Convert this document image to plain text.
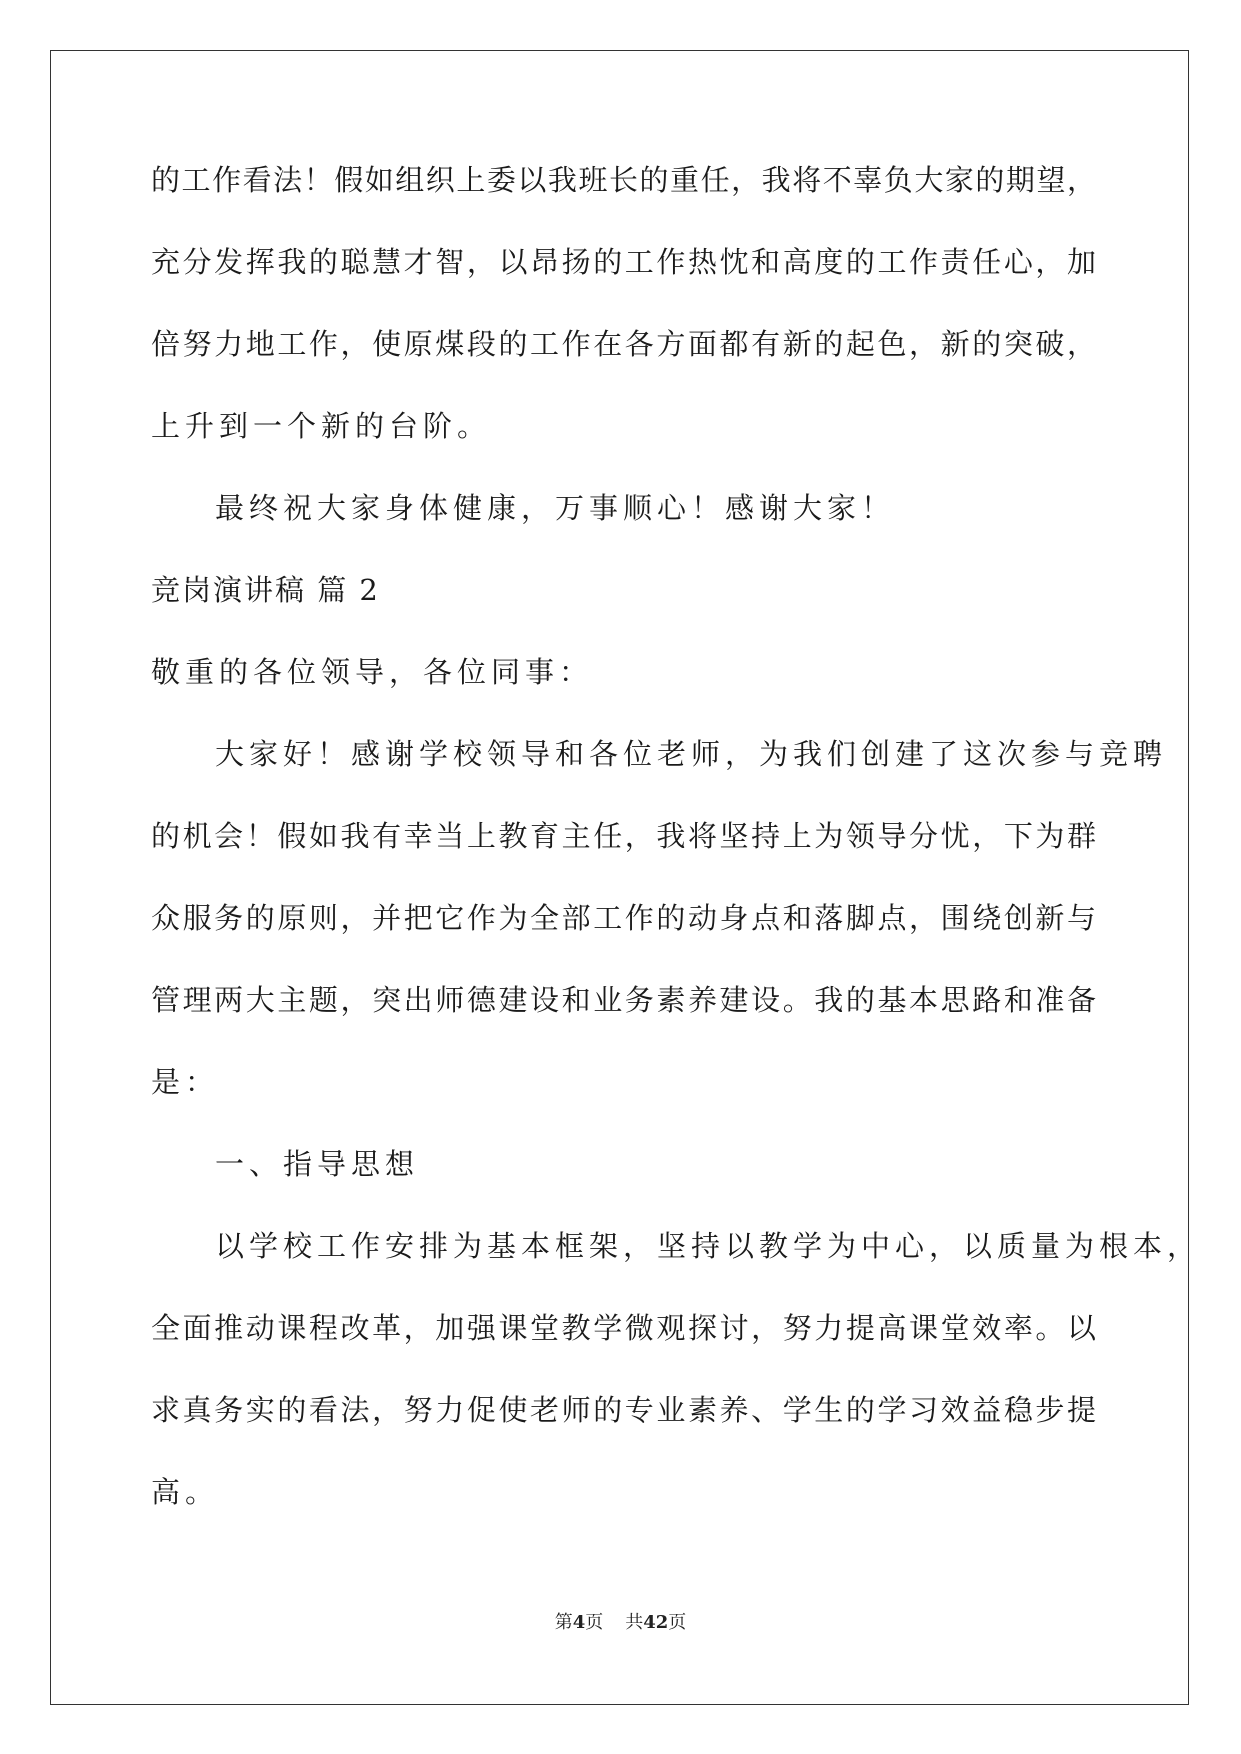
的工作看法！假如组织上委以我班长的重任，我将不辜负大家的期望，
充分发挥我的聪慧才智，以昂扬的工作热忱和高度的工作责任心，加
倍努力地工作，使原煤段的工作在各方面都有新的起色，新的突破，
上升到一个新的台阶。
最终祝大家身体健康，万事顺心！感谢大家！
竞岗演讲稿 篇 2
敬重的各位领导，各位同事：
大家好！感谢学校领导和各位老师，为我们创建了这次参与竞聘
的机会！假如我有幸当上教育主任，我将坚持上为领导分忧，下为群
众服务的原则，并把它作为全部工作的动身点和落脚点，围绕创新与
管理两大主题，突出师德建设和业务素养建设。我的基本思路和准备
是：
一、指导思想
以学校工作安排为基本框架，坚持以教学为中心，以质量为根本，
全面推动课程改革，加强课堂教学微观探讨，努力提高课堂效率。以
求真务实的看法，努力促使老师的专业素养、学生的学习效益稳步提
高。
第4页 共42页
